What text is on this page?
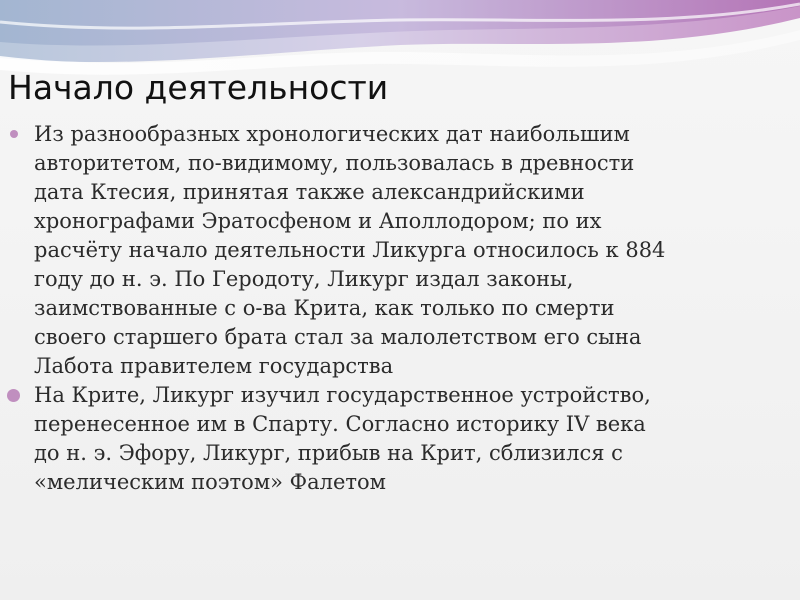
Начало деятельности

Из разнообразных хронологических дат наибольшим
авторитетом, по-видимому, пользовалась в древности
дата Ктесия, принятая также александрийскими
хронографами Эратосфеном и Аполлодором; по их
расчёту начало деятельности Ликурга относилось к 884
году до н. э. По Геродоту, Ликург издал законы,
заимствованные с о-ва Крита, как только по смерти
своего старшего брата стал за малолетством его сына
Лабота правителем государства

На Крите, Ликург изучил государственное устройство,
перенесенное им в Спарту. Согласно историку IV века
до н. э. Эфору, Ликург, прибыв на Крит, сблизился с
«мелическим поэтом» Фалетом
